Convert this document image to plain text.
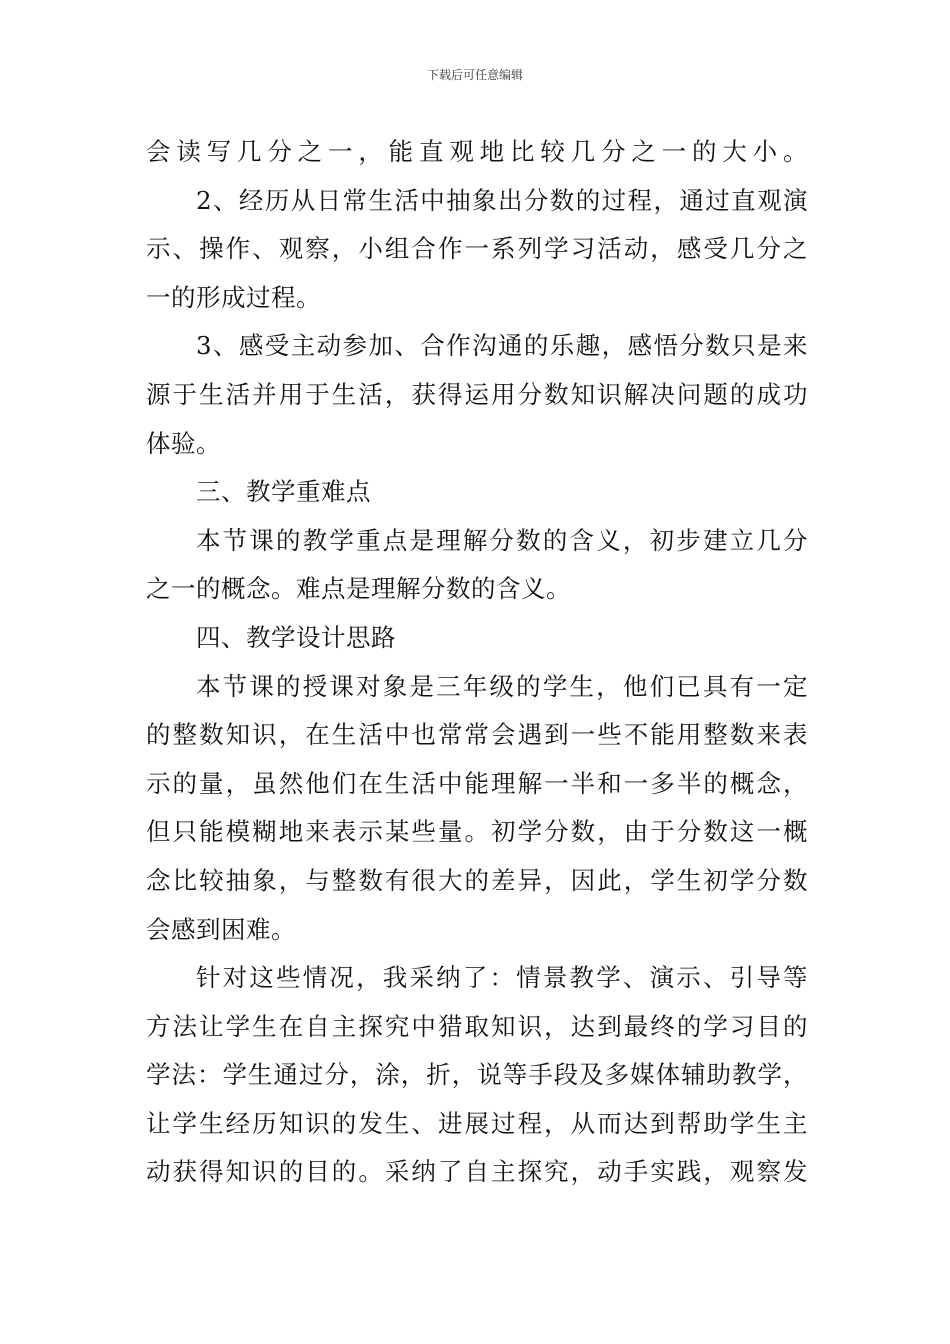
下载后可任意编辑
会读写几分之一，能直观地比较几分之一的大小。
2、经历从日常生活中抽象出分数的过程，通过直观演
示、操作、观察，小组合作一系列学习活动，感受几分之
一的形成过程。
3、感受主动参加、合作沟通的乐趣，感悟分数只是来
源于生活并用于生活，获得运用分数知识解决问题的成功
体验。
三、教学重难点
本节课的教学重点是理解分数的含义，初步建立几分
之一的概念。难点是理解分数的含义。
四、教学设计思路
本节课的授课对象是三年级的学生，他们已具有一定
的整数知识，在生活中也常常会遇到一些不能用整数来表
示的量，虽然他们在生活中能理解一半和一多半的概念，
但只能模糊地来表示某些量。初学分数，由于分数这一概
念比较抽象，与整数有很大的差异，因此，学生初学分数
会感到困难。
针对这些情况，我采纳了：情景教学、演示、引导等
方法让学生在自主探究中猎取知识，达到最终的学习目的
学法：学生通过分，涂，折，说等手段及多媒体辅助教学，
让学生经历知识的发生、进展过程，从而达到帮助学生主
动获得知识的目的。采纳了自主探究，动手实践，观察发
